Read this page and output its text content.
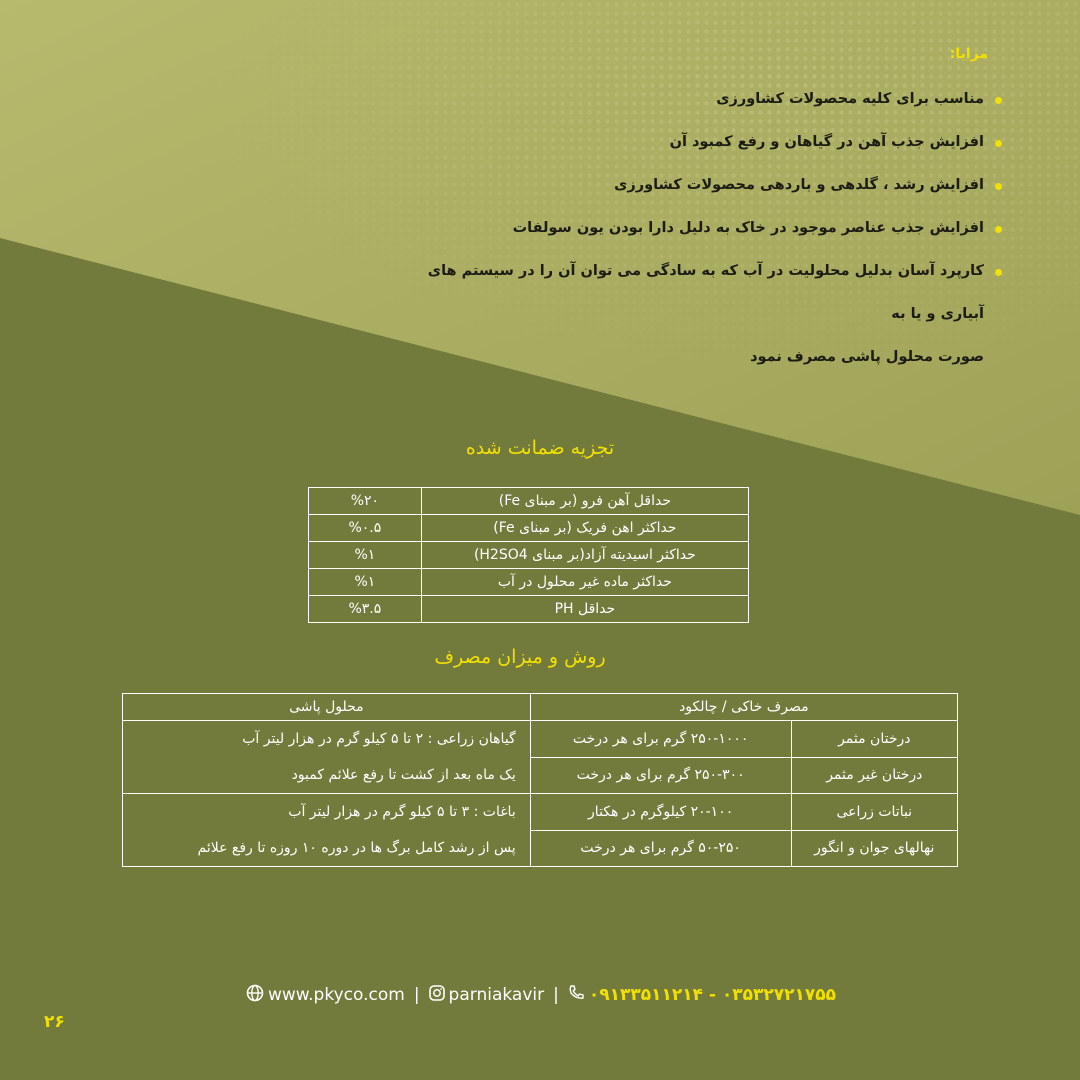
مزایا:
مناسب برای کلیه محصولات کشاورزی
افزایش جذب آهن در گیاهان و رفع کمبود آن
افزایش رشد ، گلدهی و باردهی محصولات کشاورزی
افزایش جذب عناصر موجود در خاک به دلیل دارا بودن یون سولفات
کارپرد آسان بدلیل محلولیت در آب که به سادگی می توان آن را در سیستم های آبیاری و یا به
صورت محلول پاشی مصرف نمود
تجزیه ضمانت شده
حداقل آهن فرو (بر مبنای Fe)	%۲۰
حداکثر اهن فریک (بر مبنای Fe)	%۰.۵
حداکثر اسیدیته آزاد(بر مبنای H2SO4)	%۱
حداکثر ماده غیر محلول در آب	%۱
حداقل PH	%۳.۵
روش و میزان مصرف
مصرف خاکی / چالکود		محلول پاشی
درختان مثمر	۲۵۰-۱۰۰۰ گرم برای هر درخت	گیاهان زراعی : ۲ تا ۵ کیلو گرم در هزار لیتر آب
یک ماه بعد از کشت تا رفع علائم کمبود

درختان غیر مثمر	۲۵۰-۳۰۰ گرم برای هر درخت	
نباتات زراعی	۲۰-۱۰۰ کیلوگرم در هکتار	باغات : ۳ تا ۵ کیلو گرم در هزار لیتر آب
پس از رشد کامل برگ ها در دوره ۱۰ روزه تا رفع علائم

نهالهای جوان و انگور	۵۰-۲۵۰ گرم برای هر درخت	
www.pkyco.com | parniakavir | ۰۹۱۳۳۵۱۱۲۱۴ - ۰۳۵۳۲۷۲۱۷۵۵
۲۶
